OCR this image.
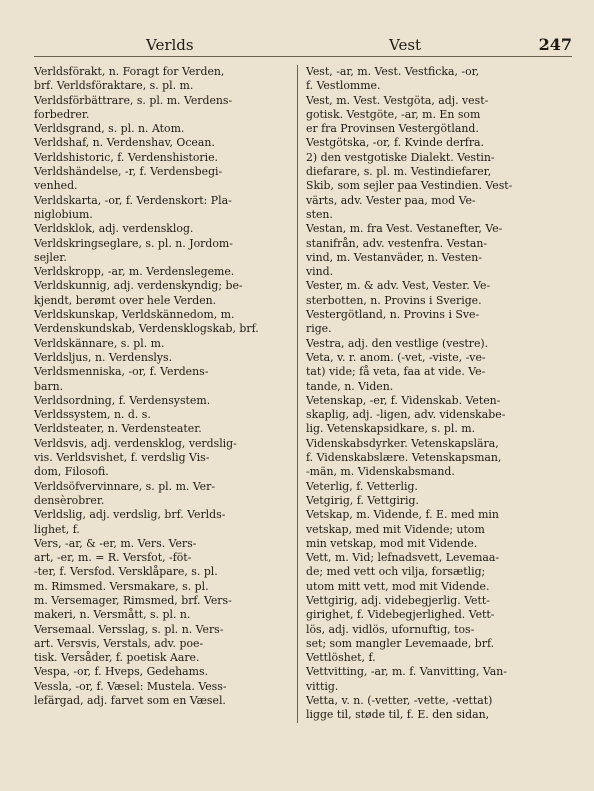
Verlds	Vest	247
Verldsförakt, n. Foragt for Verden,
brf. Verldsföraktare, s. pl. m.
Verldsförbättrare, s. pl. m. Verdens-
forbedrer.
Verldsgrand, s. pl. n. Atom.
Verldshaf, n. Verdenshav, Ocean.
Verldshistoric, f. Verdenshistorie.
Verldshändelse, -r, f. Verdensbegi-
venhed.
Verldskarta, -or, f. Verdenskort: Pla-
niglobium.
Verldsklok, adj. verdensklog.
Verldskringseglare, s. pl. n. Jordom-
sejler.
Verldskropp, -ar, m. Verdenslegeme.
Verldskunnig, adj. verdenskyndig; be-
kjendt, berømt over hele Verden.
Verldskunskap, Verldskännedom, m.
Verdenskundskab, Verdensklogskab, brf.
Verldskännare, s. pl. m.
Verldsljus, n. Verdenslys.
Verldsmenniska, -or, f. Verdens-
barn.
Verldsordning, f. Verdensystem.
Verldssystem, n. d. s.
Verldsteater, n. Verdensteater.
Verldsvis, adj. verdensklog, verdslig-
vis. Verldsvishet, f. verdslig Vis-
dom, Filosofi.
Verldsöfvervinnare, s. pl. m. Ver-
densèrobrer.
Verldslig, adj. verdslig, brf. Verlds-
lighet, f.
Vers, -ar, & -er, m. Vers. Vers-
art, -er, m. = R. Versfot, -föt-
-ter, f. Versfod. Versklåpare, s. pl.
m. Rimsmed. Versmakare, s. pl.
m. Versemager, Rimsmed, brf. Vers-
makeri, n. Versmått, s. pl. n.
Versemaal. Versslag, s. pl. n. Vers-
art. Versvis, Verstals, adv. poe-
tisk. Versåder, f. poetisk Aare.
Vespa, -or, f. Hveps, Gedehams.
Vessla, -or, f. Væsel: Mustela. Vess-
lefärgad, adj. farvet som en Væsel.
Vest, -ar, m. Vest. Vestficka, -or,
f. Vestlomme.
Vest, m. Vest. Vestgöta, adj. vest-
gotisk. Vestgöte, -ar, m. En som
er fra Provinsen Vestergötland.
Vestgötska, -or, f. Kvinde derfra.
2) den vestgotiske Dialekt. Vestin-
diefarare, s. pl. m. Vestindiefarer,
Skib, som sejler paa Vestindien. Vest-
värts, adv. Vester paa, mod Ve-
sten.
Vestan, m. fra Vest. Vestanefter, Ve-
stanifrån, adv. vestenfra. Vestan-
vind, m. Vestanväder, n. Vesten-
vind.
Vester, m. & adv. Vest, Vester. Ve-
sterbotten, n. Provins i Sverige.
Vestergötland, n. Provins i Sve-
rige.
Vestra, adj. den vestlige (vestre).
Veta, v. r. anom. (-vet, -viste, -ve-
tat) vide; få veta, faa at vide. Ve-
tande, n. Viden.
Vetenskap, -er, f. Videnskab. Veten-
skaplig, adj. -ligen, adv. videnskabe-
lig. Vetenskapsidkare, s. pl. m.
Videnskabsdyrker. Vetenskapslära,
f. Videnskabslære. Vetenskapsman,
-män, m. Videnskabsmand.
Veterlig, f. Vetterlig.
Vetgirig, f. Vettgirig.
Vetskap, m. Vidende, f. E. med min
vetskap, med mit Vidende; utom
min vetskap, mod mit Vidende.
Vett, m. Vid; lefnadsvett, Levemaa-
de; med vett och vilja, forsætlig;
utom mitt vett, mod mit Vidende.
Vettgirig, adj. videbegjerlig. Vett-
girighet, f. Videbegjerlighed. Vett-
lös, adj. vidlös, ufornuftig, tos-
set; som mangler Levemaade, brf.
Vettlöshet, f.
Vettvitting, -ar, m. f. Vanvitting, Van-
vittig.
Vetta, v. n. (-vetter, -vette, -vettat)
ligge til, støde til, f. E. den sidan,
